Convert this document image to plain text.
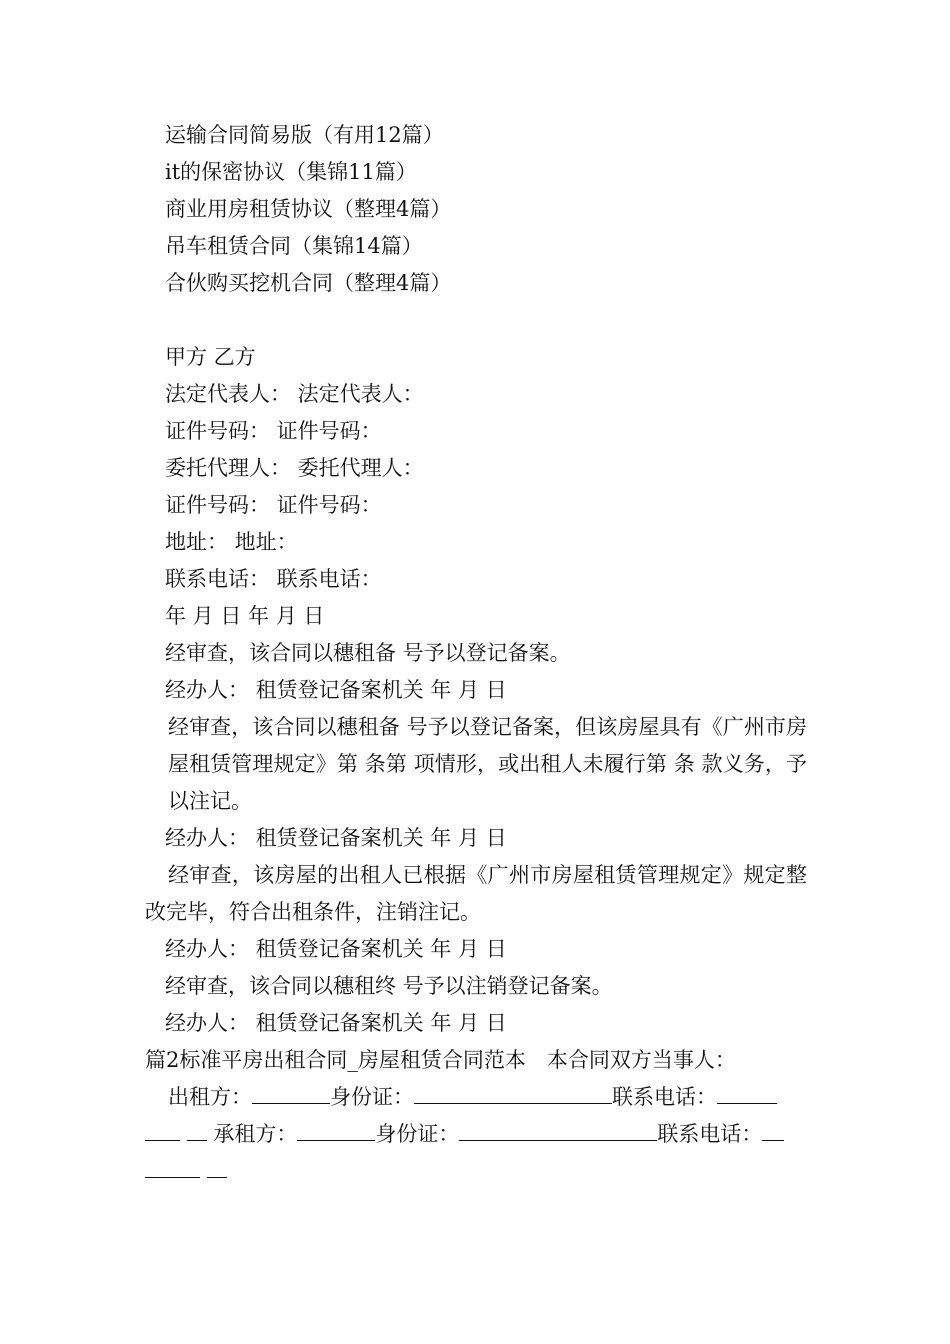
运输合同简易版（有用12篇）
it的保密协议（集锦11篇）
商业用房租赁协议（整理4篇）
吊车租赁合同（集锦14篇）
合伙购买挖机合同（整理4篇）
甲方 乙方
法定代表人： 法定代表人：
证件号码： 证件号码：
委托代理人： 委托代理人：
证件号码： 证件号码：
地址： 地址：
联系电话： 联系电话：
年 月 日 年 月 日
经审查，该合同以穗租备 号予以登记备案。
经办人： 租赁登记备案机关 年 月 日
经审查，该合同以穗租备 号予以登记备案，但该房屋具有《广州市房屋租赁管理规定》第 条第 项情形，或出租人未履行第 条 款义务，予以注记。
经办人： 租赁登记备案机关 年 月 日
经审查，该房屋的出租人已根据《广州市房屋租赁管理规定》规定整改完毕，符合出租条件，注销注记。
经办人： 租赁登记备案机关 年 月 日
经审查，该合同以穗租终 号予以注销登记备案。
经办人： 租赁登记备案机关 年 月 日
篇2标准平房出租合同_房屋租赁合同范本　本合同双方当事人：
出租方：	身份证：	联系电话：
承租方：	身份证：	联系电话：
